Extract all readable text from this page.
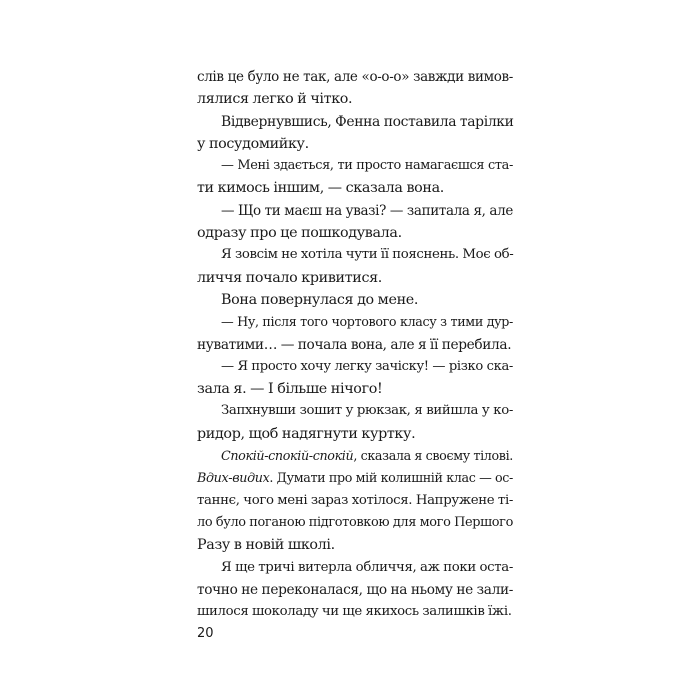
слів це було не так, але «о-о-о» завжди вимов-
лялися легко й чітко.
Відвернувшись, Фенна поставила тарілки
у посудомийку.
— Мені здається, ти просто намагаєшся ста-
ти кимось іншим, — сказала вона.
— Що ти маєш на увазі? — запитала я, але
одразу про це пошкодувала.
Я зовсім не хотіла чути її пояснень. Моє об-
личчя почало кривитися.
Вона повернулася до мене.
— Ну, після того чортового класу з тими дур-
нуватими… — почала вона, але я її перебила.
— Я просто хочу легку зачіску! — різко ска-
зала я. — І більше нічого!
Запхнувши зошит у рюкзак, я вийшла у ко-
ридор, щоб надягнути куртку.
Спокій-спокій-спокій, сказала я своєму тілові.
Вдих-видих. Думати про мій колишній клас — ос-
таннє, чого мені зараз хотілося. Напружене ті-
ло було поганою підготовкою для мого Першого
Разу в новій школі.
Я ще тричі витерла обличчя, аж поки оста-
точно не переконалася, що на ньому не зали-
шилося шоколаду чи ще якихось залишків їжі.
20
